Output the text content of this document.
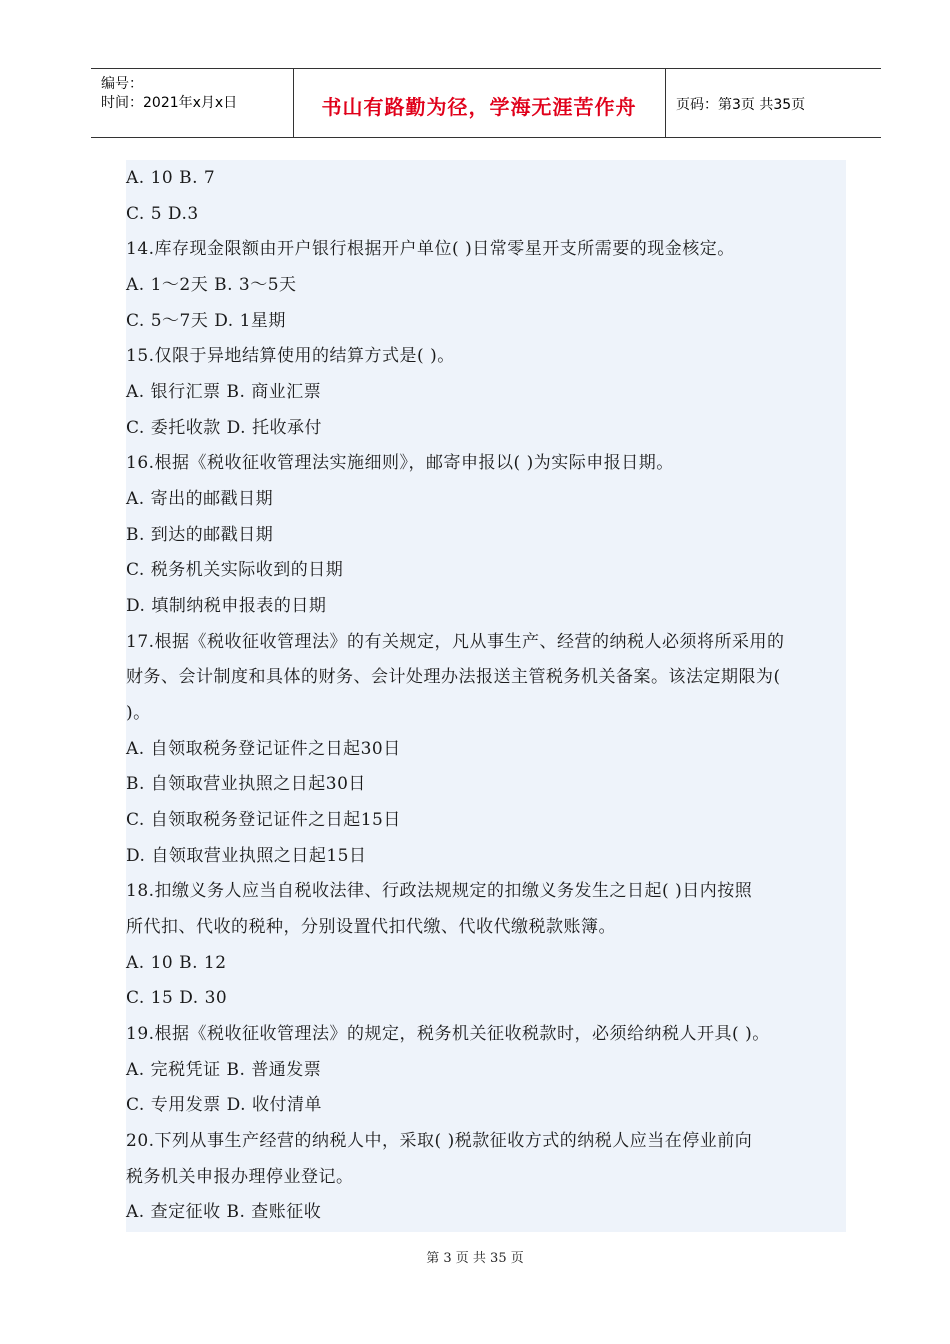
编号：
时间：2021年x月x日	书山有路勤为径，学海无涯苦作舟	页码：第3页 共35页
A. 10 B. 7
C. 5 D.3
14.库存现金限额由开户银行根据开户单位( )日常零星开支所需要的现金核定。
A. 1～2天 B. 3～5天
C. 5～7天 D. 1星期
15.仅限于异地结算使用的结算方式是( )。
A. 银行汇票 B. 商业汇票
C. 委托收款 D. 托收承付
16.根据《税收征收管理法实施细则》，邮寄申报以( )为实际申报日期。
A. 寄出的邮戳日期
B. 到达的邮戳日期
C. 税务机关实际收到的日期
D. 填制纳税申报表的日期
17.根据《税收征收管理法》的有关规定，凡从事生产、经营的纳税人必须将所采用的
财务、会计制度和具体的财务、会计处理办法报送主管税务机关备案。该法定期限为(
)。
A. 自领取税务登记证件之日起30日
B. 自领取营业执照之日起30日
C. 自领取税务登记证件之日起15日
D. 自领取营业执照之日起15日
18.扣缴义务人应当自税收法律、行政法规规定的扣缴义务发生之日起( )日内按照
所代扣、代收的税种，分别设置代扣代缴、代收代缴税款账簿。
A. 10 B. 12
C. 15 D. 30
19.根据《税收征收管理法》的规定，税务机关征收税款时，必须给纳税人开具( )。
A. 完税凭证 B. 普通发票
C. 专用发票 D. 收付清单
20.下列从事生产经营的纳税人中，采取( )税款征收方式的纳税人应当在停业前向
税务机关申报办理停业登记。
A. 查定征收 B. 查账征收
第 3 页 共 35 页
